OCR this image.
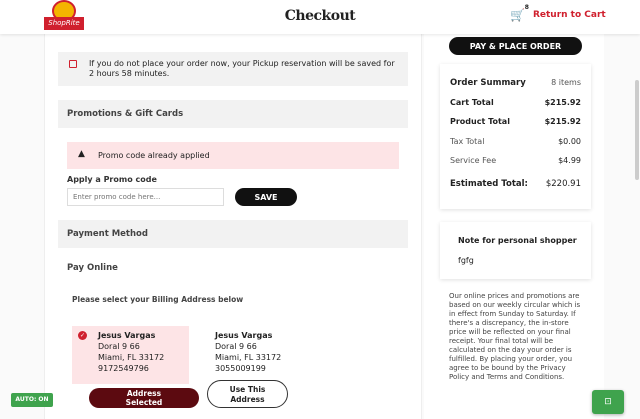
ShopRite	Checkout	🛒
8
Return to Cart
If you do not place your order now, your Pickup reservation will be saved for 2 hours 58 minutes.
Promotions & Gift Cards
▲ Promo code already applied
Apply a Promo code
Enter promo code here...
SAVE
Payment Method
Pay Online
Please select your Billing Address below
✓ Jesus Vargas
Doral 9 66
Miami, FL 33172
9172549796
Address Selected
Jesus Vargas
Doral 9 66
Miami, FL 33172
3055009199
Use This Address
PAY & PLACE ORDER
Order Summary	8 items
Cart Total	$215.92
Product Total	$215.92
Tax Total	$0.00
Service Fee	$4.99
Estimated Total: $220.91
Note for personal shopper
fgfg
Our online prices and promotions are based on our weekly circular which is in effect from Sunday to Saturday. If there's a discrepancy, the in-store price will be reflected on your final receipt. Your final total will be calculated on the day your order is fulfilled. By placing your order, you agree to be bound by the Privacy Policy and Terms and Conditions.
⊡
AUTO: ON
